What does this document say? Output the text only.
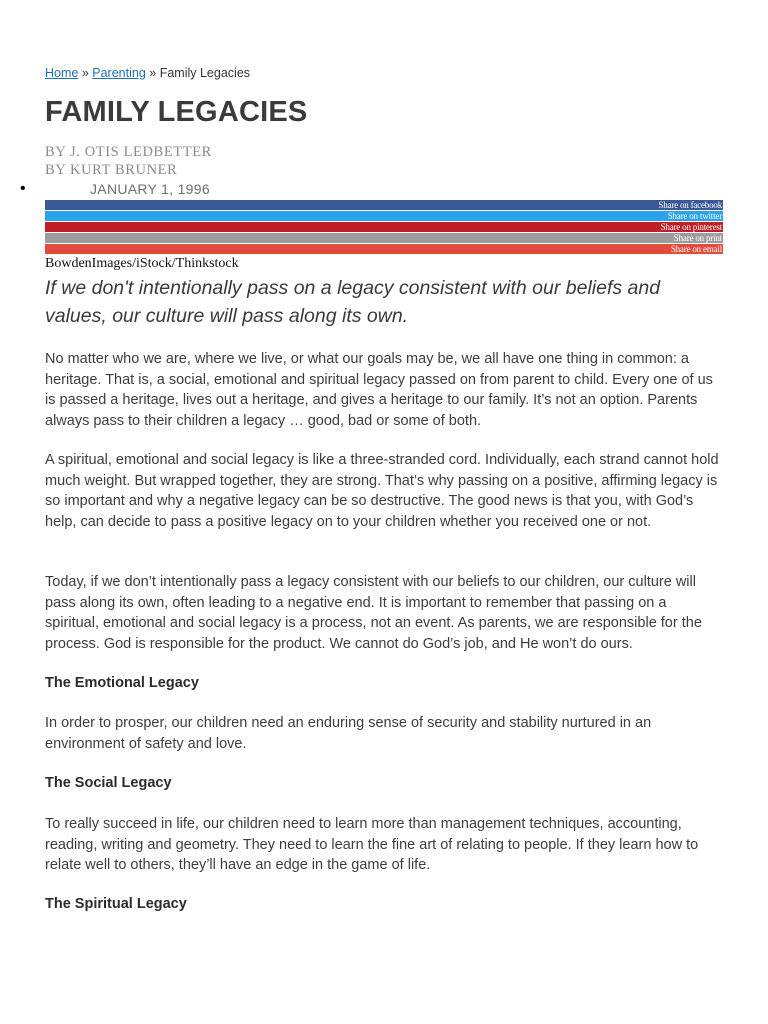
Home » Parenting » Family Legacies
FAMILY LEGACIES
BY J. OTIS LEDBETTER
BY KURT BRUNER
•	JANUARY 1, 1996
Share on facebook
Share on twitter
Share on pinterest
Share on print
Share on email
BowdenImages/iStock/Thinkstock

If we don't intentionally pass on a legacy consistent with our beliefs and values, our culture will pass along its own.

No matter who we are, where we live, or what our goals may be, we all have one thing in common: a heritage. That is, a social, emotional and spiritual legacy passed on from parent to child. Every one of us is passed a heritage, lives out a heritage, and gives a heritage to our family. It’s not an option. Parents always pass to their children a legacy … good, bad or some of both.

A spiritual, emotional and social legacy is like a three-stranded cord. Individually, each strand cannot hold much weight. But wrapped together, they are strong. That’s why passing on a positive, affirming legacy is so important and why a negative legacy can be so destructive. The good news is that you, with God’s help, can decide to pass a positive legacy on to your children whether you received one or not.

Today, if we don’t intentionally pass a legacy consistent with our beliefs to our children, our culture will pass along its own, often leading to a negative end. It is important to remember that passing on a spiritual, emotional and social legacy is a process, not an event. As parents, we are responsible for the process. God is responsible for the product. We cannot do God’s job, and He won’t do ours.

The Emotional Legacy

In order to prosper, our children need an enduring sense of security and stability nurtured in an environment of safety and love.

The Social Legacy

To really succeed in life, our children need to learn more than management techniques, accounting, reading, writing and geometry. They need to learn the fine art of relating to people. If they learn how to relate well to others, they’ll have an edge in the game of life.

The Spiritual Legacy
